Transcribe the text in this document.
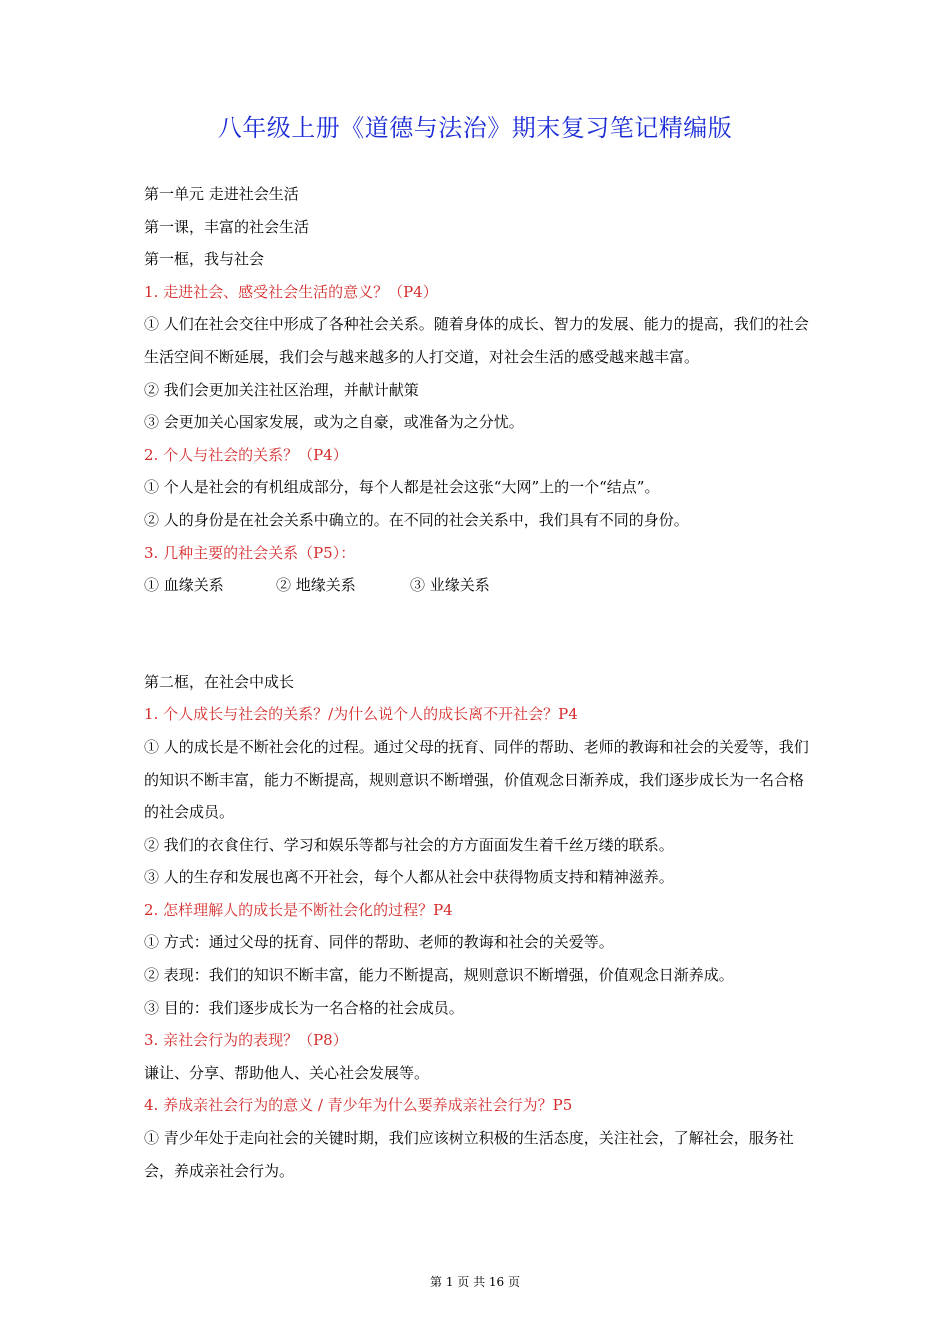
八年级上册《道德与法治》期末复习笔记精编版

第一单元 走进社会生活

第一课，丰富的社会生活

第一框，我与社会

1. 走进社会、感受社会生活的意义？（P4）

① 人们在社会交往中形成了各种社会关系。随着身体的成长、智力的发展、能力的提高，我们的社会生活空间不断延展，我们会与越来越多的人打交道，对社会生活的感受越来越丰富。

② 我们会更加关注社区治理，并献计献策

③ 会更加关心国家发展，或为之自豪，或准备为之分忧。

2. 个人与社会的关系？（P4）

① 个人是社会的有机组成部分，每个人都是社会这张“大网”上的一个“结点”。

② 人的身份是在社会关系中确立的。在不同的社会关系中，我们具有不同的身份。

3. 几种主要的社会关系（P5）：

① 血缘关系	② 地缘关系	③ 业缘关系

第二框，在社会中成长

1. 个人成长与社会的关系？/为什么说个人的成长离不开社会？P4

① 人的成长是不断社会化的过程。通过父母的抚育、同伴的帮助、老师的教诲和社会的关爱等，我们的知识不断丰富，能力不断提高，规则意识不断增强，价值观念日渐养成，我们逐步成长为一名合格的社会成员。

② 我们的衣食住行、学习和娱乐等都与社会的方方面面发生着千丝万缕的联系。

③ 人的生存和发展也离不开社会，每个人都从社会中获得物质支持和精神滋养。

2. 怎样理解人的成长是不断社会化的过程？P4

① 方式：通过父母的抚育、同伴的帮助、老师的教诲和社会的关爱等。

② 表现：我们的知识不断丰富，能力不断提高，规则意识不断增强，价值观念日渐养成。

③ 目的：我们逐步成长为一名合格的社会成员。

3. 亲社会行为的表现？（P8）

谦让、分享、帮助他人、关心社会发展等。

4. 养成亲社会行为的意义 / 青少年为什么要养成亲社会行为？P5

① 青少年处于走向社会的关键时期，我们应该树立积极的生活态度，关注社会，了解社会，服务社会，养成亲社会行为。

第 1 页 共 16 页
